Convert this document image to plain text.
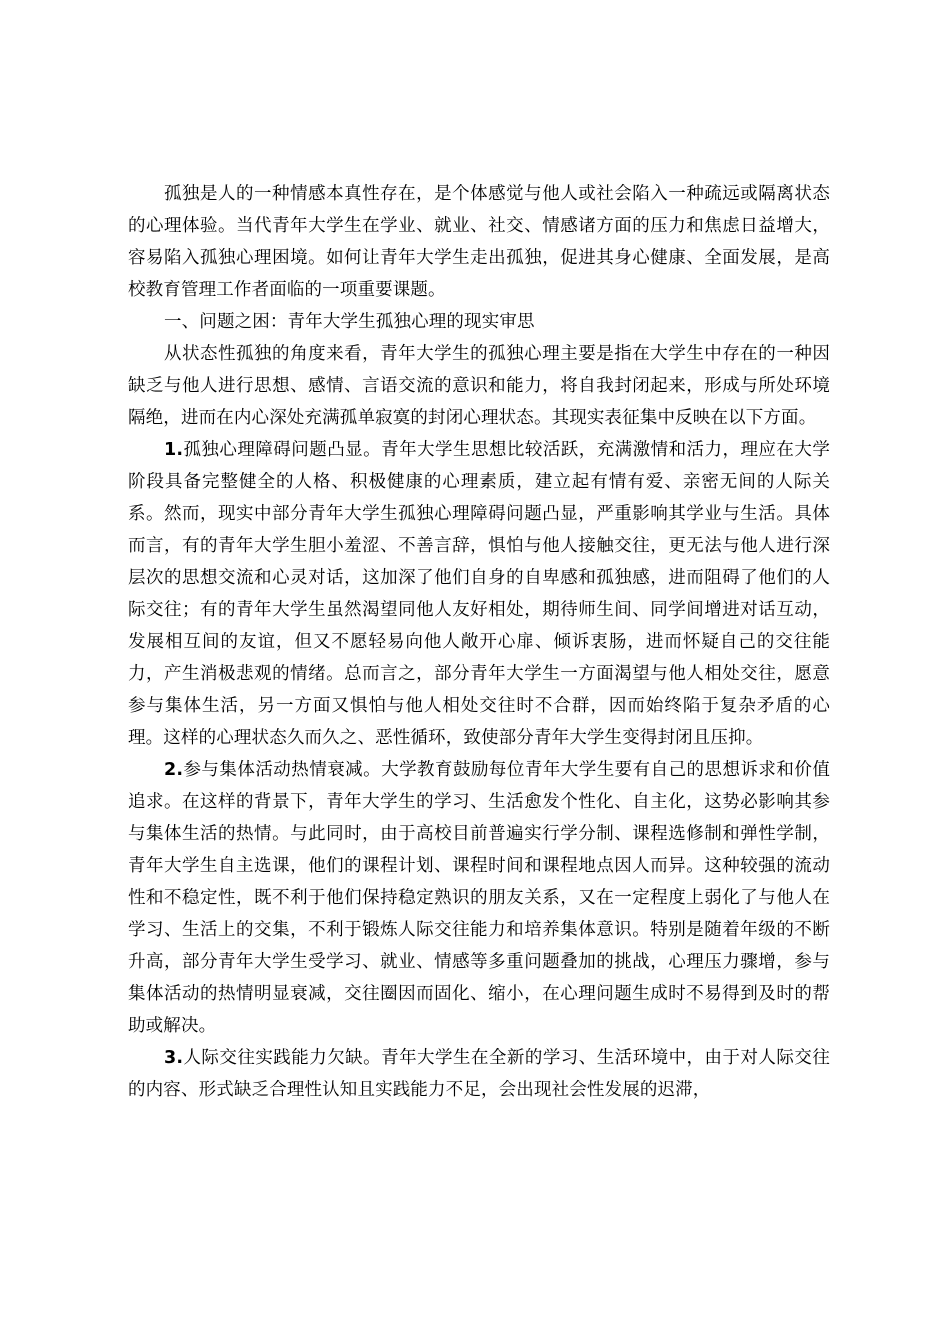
孤独是人的一种情感本真性存在，是个体感觉与他人或社会陷入一种疏远或隔离状态的心理体验。当代青年大学生在学业、就业、社交、情感诸方面的压力和焦虑日益增大，容易陷入孤独心理困境。如何让青年大学生走出孤独，促进其身心健康、全面发展，是高校教育管理工作者面临的一项重要课题。

一、问题之困：青年大学生孤独心理的现实审思

从状态性孤独的角度来看，青年大学生的孤独心理主要是指在大学生中存在的一种因缺乏与他人进行思想、感情、言语交流的意识和能力，将自我封闭起来，形成与所处环境隔绝，进而在内心深处充满孤单寂寞的封闭心理状态。其现实表征集中反映在以下方面。

1.孤独心理障碍问题凸显。青年大学生思想比较活跃，充满激情和活力，理应在大学阶段具备完整健全的人格、积极健康的心理素质，建立起有情有爱、亲密无间的人际关系。然而，现实中部分青年大学生孤独心理障碍问题凸显，严重影响其学业与生活。具体而言，有的青年大学生胆小羞涩、不善言辞，惧怕与他人接触交往，更无法与他人进行深层次的思想交流和心灵对话，这加深了他们自身的自卑感和孤独感，进而阻碍了他们的人际交往；有的青年大学生虽然渴望同他人友好相处，期待师生间、同学间增进对话互动，发展相互间的友谊，但又不愿轻易向他人敞开心扉、倾诉衷肠，进而怀疑自己的交往能力，产生消极悲观的情绪。总而言之，部分青年大学生一方面渴望与他人相处交往，愿意参与集体生活，另一方面又惧怕与他人相处交往时不合群，因而始终陷于复杂矛盾的心理。这样的心理状态久而久之、恶性循环，致使部分青年大学生变得封闭且压抑。

2.参与集体活动热情衰减。大学教育鼓励每位青年大学生要有自己的思想诉求和价值追求。在这样的背景下，青年大学生的学习、生活愈发个性化、自主化，这势必影响其参与集体生活的热情。与此同时，由于高校目前普遍实行学分制、课程选修制和弹性学制，青年大学生自主选课，他们的课程计划、课程时间和课程地点因人而异。这种较强的流动性和不稳定性，既不利于他们保持稳定熟识的朋友关系，又在一定程度上弱化了与他人在学习、生活上的交集，不利于锻炼人际交往能力和培养集体意识。特别是随着年级的不断升高，部分青年大学生受学习、就业、情感等多重问题叠加的挑战，心理压力骤增，参与集体活动的热情明显衰减，交往圈因而固化、缩小，在心理问题生成时不易得到及时的帮助或解决。

3.人际交往实践能力欠缺。青年大学生在全新的学习、生活环境中，由于对人际交往的内容、形式缺乏合理性认知且实践能力不足，会出现社会性发展的迟滞，
